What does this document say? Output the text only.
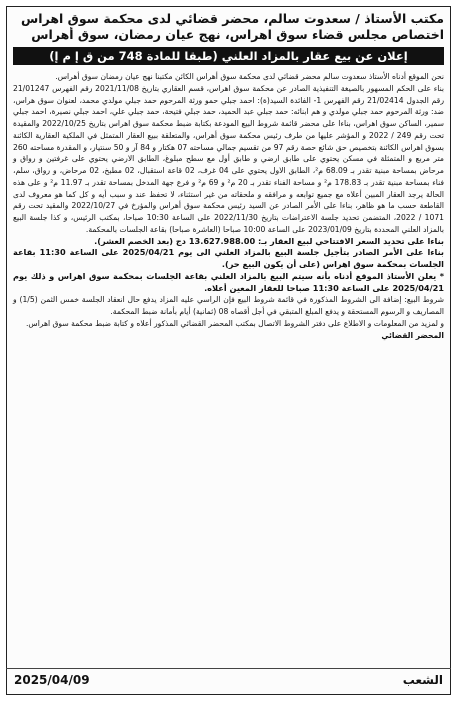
مكتب الأستاذ / سعدوت سالم، محضر قضائي لدى محكمة سوق اهراس
اختصاص مجلس قضاء سوق اهراس، نهج عيان رمضان، سوق أهراس
إعلان عن بيع عقار بالمزاد العلني (طبقا للمادة 748 من ق إ م إ)

نحن الموقع أدناه الأستاذ سعدوت سالم محضر قضائي لدى محكمة سوق أهراس الكائن مكتبنا نهج عيان رمضان سوق أهراس.

بناء على الحكم المسهور بالصيغة التنفيذية الصادر عن محكمة سوق اهراس، قسم العقاري بتاريخ 2021/11/08 رقم الفهرس 21/01247 رقم الجدول 21/02414 رقم الفهرس 1- الفائدة السيد(ة): احمد جبلي حمو ورثة المرحوم حمد جبلي مولدي محمد، لعنوان سوق هراس، ضد: ورثة المرحوم حمد جبلي مولدي و هم ابنائه: حمد جبلي عبد الحميد، حمد جبلي فتيحة، حمد جبلي علي، احمد جبلي نصيرة، احمد جبلي سمير، الساكن سوق اهراس، بناءا على محضر قائمة شروط البيع المودعة بكتابة ضبط محكمة سوق اهراس بتاريخ 2022/10/25 والمقيدة تحت رقم 249 / 2022 و المؤشر عليها من طرف رئيس محكمة سوق أهراس، والمتعلقة ببيع العقار المتمثل في الملكية العقارية الكائنة بسوق اهراس الكائنة بتخصيص حق شائع حصة رقم 97 من تقسيم جمالي مساحته 07 هكتار و 84 آر و 50 سنتيار، و المقدرة مساحته 260 متر مربع و المتمثلة في مسكن يحتوي على طابق ارضي و طابق أول مع سطح مبلوغ، الطابق الارضي يحتوي على غرفتين و رواق و مرحاض بمساحة مبنية تقدر بـ 68.09 م²، الطابق الاول يحتوي على 04 غرف، 02 قاعة استقبال، 02 مطبخ، 02 مرحاض، و رواق، سلم، فناء بمساحة مبنية تقدر بـ 178.83 م² و مساحة الفناء تقدر بـ 20 م² و 69 م² و فرع جهة المدخل بمساحة تقدر بـ 11.97 م² و على هذه الحالة يرجد العقار المبين أعلاه مع جميع توابعه و مرافقه و ملحقاته من غير استثناء، لا تحفظ عند و سبب أيه و كل كما هو معروف لدى القاطعة حسب ما هو ظاهر، بناءا على الأمر الصادر عن السيد رئيس محكمة سوق أهراس والمؤرخ في 2022/10/27 والمقيد تحت رقم 1071 / 2022، المتضمن تحديد جلسة الاعتراضات بتاريخ 2022/11/30 على الساعة 10:30 صباحا، بمكتب الرئيس، و كذا جلسة البيع بالمزاد العلني المحددة بتاريخ 2023/01/09 على الساعة 10:00 صباحا (العاشرة صباحا) بقاعة الجلسات بالمحكمة.

بناءا على تحديد السعر الافتتاحي لبيع العقار بـ: 13.627.988.00 دج (بعد الخصم العشر).

بناءا على الأمر الصادر بتأجيل جلسة البيع بالمزاد العلني الى يوم 2025/04/21 على الساعة 11:30 بقاعة الجلسات بمحكمة سوق اهراس (على أن يكون البيع حر).

* يعلن الأستاذ الموقع أدناه بأنه سيتم البيع بالمزاد العلني بقاعة الجلسات بمحكمة سوق اهراس و ذلك يوم 2025/04/21 على الساعة 11:30 صباحا للعقار المعين أعلاه.

شروط البيع: إضافة الى الشروط المذكورة في قائمة شروط البيع فإن الراسي عليه المزاد يدفع حال انعقاد الجلسة خمس الثمن (1/5) و المصاريف و الرسوم المستحقة و يدفع المبلغ المتبقي في أجل أقصاه 08 (ثمانية) أيام بأمانة ضبط المحكمة.

و لمزيد من المعلومات و الاطلاع على دفتر الشروط الاتصال بمكتب المحضر القضائي المذكور أعلاه و كتابة ضبط محكمة سوق اهراس.

المحضر القضائي

الشعب
2025/04/09
